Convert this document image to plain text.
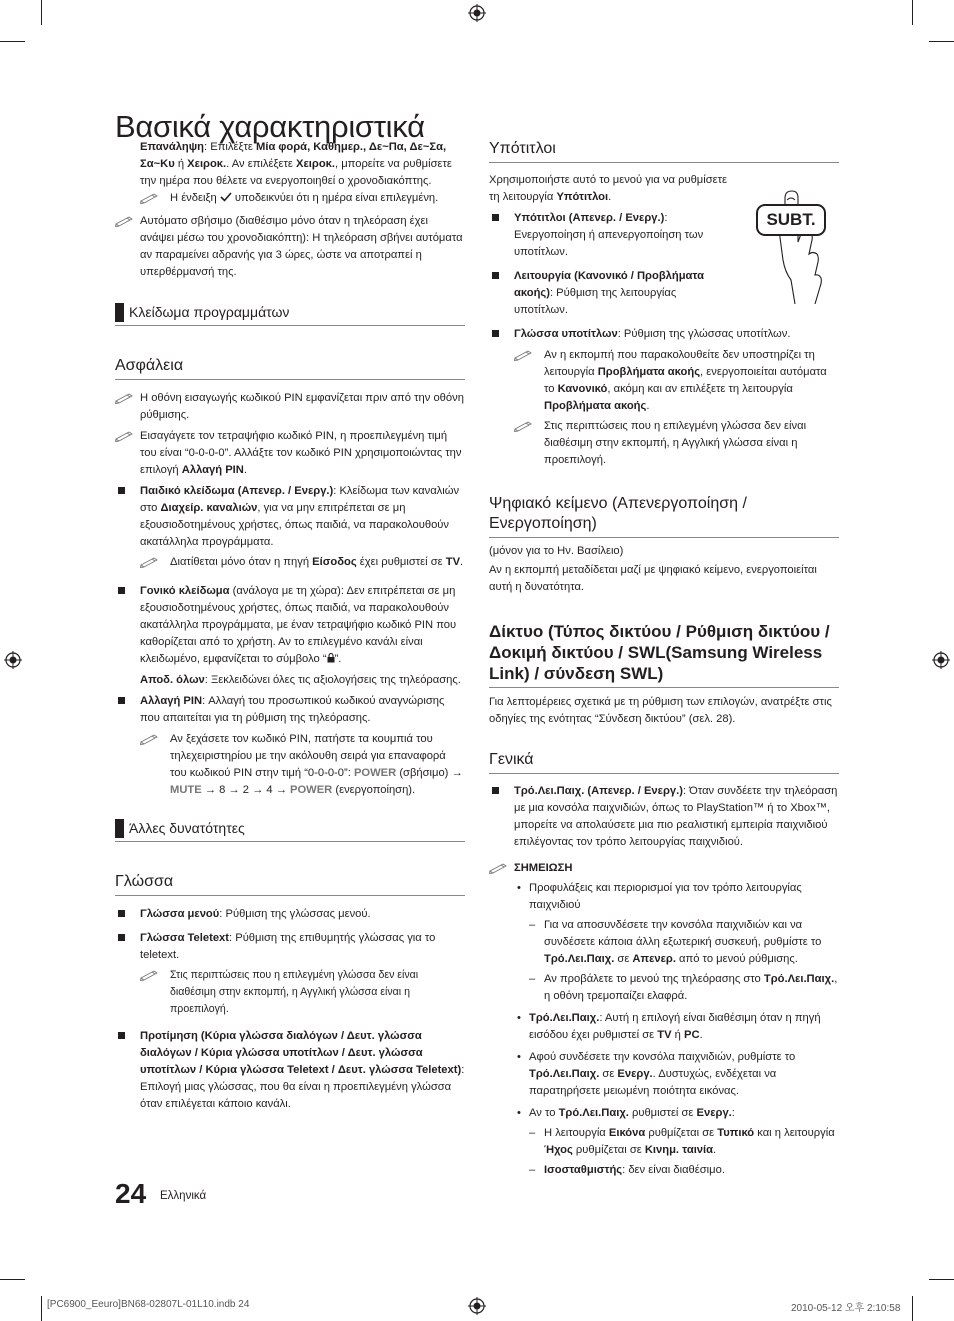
Βασικά χαρακτηριστικά

Επανάληψη: Επιλέξτε Μία φορά, Καθημερ., Δε~Πα, Δε~Σα, Σα~Κυ ή Χειροκ.. Αν επιλέξετε Χειροκ., μπορείτε να ρυθμίσετε την ημέρα που θέλετε να ενεργοποιηθεί ο χρονοδιακόπτης.

Η ένδειξη  υποδεικνύει ότι η ημέρα είναι επιλεγμένη.

Αυτόματο σβήσιμο (διαθέσιμο μόνο όταν η τηλεόραση έχει ανάψει μέσω του χρονοδιακόπτη): Η τηλεόραση σβήνει αυτόματα αν παραμείνει αδρανής για 3 ώρες, ώστε να αποτραπεί η υπερθέρμανσή της.

Κλείδωμα προγραμμάτων
Ασφάλεια

Η οθόνη εισαγωγής κωδικού PIN εμφανίζεται πριν από την οθόνη ρύθμισης.

Εισαγάγετε τον τετραψήφιο κωδικό PIN, η προεπιλεγμένη τιμή του είναι “0-0-0-0”. Αλλάξτε τον κωδικό PIN χρησιμοποιώντας την επιλογή Αλλαγή PIN.

Παιδικό κλείδωμα (Απενερ. / Ενεργ.): Κλείδωμα των καναλιών στο Διαχείρ. καναλιών, για να μην επιτρέπεται σε μη εξουσιοδοτημένους χρήστες, όπως παιδιά, να παρακολουθούν ακατάλληλα προγράμματα.

Διατίθεται μόνο όταν η πηγή Είσοδος έχει ρυθμιστεί σε TV.

Γονικό κλείδωμα (ανάλογα με τη χώρα): Δεν επιτρέπεται σε μη εξουσιοδοτημένους χρήστες, όπως παιδιά, να παρακολουθούν ακατάλληλα προγράμματα, με έναν τετραψήφιο κωδικό PIN που καθορίζεται από το χρήστη. Αν το επιλεγμένο κανάλι είναι κλειδωμένο, εμφανίζεται το σύμβολο “ ”.

Αποδ. όλων: Ξεκλειδώνει όλες τις αξιολογήσεις της τηλεόρασης.

Αλλαγή PIN: Αλλαγή του προσωπικού κωδικού αναγνώρισης που απαιτείται για τη ρύθμιση της τηλεόρασης.

Αν ξεχάσετε τον κωδικό PIN, πατήστε τα κουμπιά του τηλεχειριστηρίου με την ακόλουθη σειρά για επαναφορά του κωδικού PIN στην τιμή “0-0-0-0”: POWER (σβήσιμο) → MUTE → 8 → 2 → 4 → POWER (ενεργοποίηση).

Άλλες δυνατότητες
Γλώσσα

Γλώσσα μενού: Ρύθμιση της γλώσσας μενού.

Γλώσσα Teletext: Ρύθμιση της επιθυμητής γλώσσας για το teletext.

Στις περιπτώσεις που η επιλεγμένη γλώσσα δεν είναι διαθέσιμη στην εκπομπή, η Αγγλική γλώσσα είναι η προεπιλογή.

Προτίμηση (Κύρια γλώσσα διαλόγων / Δευτ. γλώσσα διαλόγων / Κύρια γλώσσα υποτίτλων / Δευτ. γλώσσα υποτίτλων / Κύρια γλώσσα Teletext / Δευτ. γλώσσα Teletext): Επιλογή μιας γλώσσας, που θα είναι η προεπιλεγμένη γλώσσα όταν επιλέγεται κάποιο κανάλι.

Υπότιτλοι
SUBT.

Χρησιμοποιήστε αυτό το μενού για να ρυθμίσετε τη λειτουργία Υπότιτλοι.

Υπότιτλοι (Απενερ. / Ενεργ.): Ενεργοποίηση ή απενεργοποίηση των υποτίτλων.

Λειτουργία (Κανονικό / Προβλήματα ακοής): Ρύθμιση της λειτουργίας υποτίτλων.

Γλώσσα υποτίτλων: Ρύθμιση της γλώσσας υποτίτλων.

Αν η εκπομπή που παρακολουθείτε δεν υποστηρίζει τη λειτουργία Προβλήματα ακοής, ενεργοποιείται αυτόματα το Κανονικό, ακόμη και αν επιλέξετε τη λειτουργία Προβλήματα ακοής.

Στις περιπτώσεις που η επιλεγμένη γλώσσα δεν είναι διαθέσιμη στην εκπομπή, η Αγγλική γλώσσα είναι η προεπιλογή.

Ψηφιακό κείμενο (Απενεργοποίηση / Ενεργοποίηση)

(μόνον για το Ην. Βασίλειο)

Αν η εκπομπή μεταδίδεται μαζί με ψηφιακό κείμενο, ενεργοποιείται αυτή η δυνατότητα.

Δίκτυο (Τύπος δικτύου / Ρύθμιση δικτύου / Δοκιμή δικτύου / SWL(Samsung Wireless Link) / σύνδεση SWL)

Για λεπτομέρειες σχετικά με τη ρύθμιση των επιλογών, ανατρέξτε στις οδηγίες της ενότητας “Σύνδεση δικτύου” (σελ. 28).

Γενικά

Τρό.Λει.Παιχ. (Απενερ. / Ενεργ.): Όταν συνδέετε την τηλεόραση με μια κονσόλα παιχνιδιών, όπως το PlayStation™ ή το Xbox™, μπορείτε να απολαύσετε μια πιο ρεαλιστική εμπειρία παιχνιδιού επιλέγοντας τον τρόπο λειτουργίας παιχνιδιού.

ΣΗΜΕΙΩΣΗ

• Προφυλάξεις και περιορισμοί για τον τρόπο λειτουργίας παιχνιδιού

– Για να αποσυνδέσετε την κονσόλα παιχνιδιών και να συνδέσετε κάποια άλλη εξωτερική συσκευή, ρυθμίστε το Τρό.Λει.Παιχ. σε Απενερ. από το μενού ρύθμισης.

– Αν προβάλετε το μενού της τηλεόρασης στο Τρό.Λει.Παιχ., η οθόνη τρεμοπαίζει ελαφρά.

• Τρό.Λει.Παιχ.: Αυτή η επιλογή είναι διαθέσιμη όταν η πηγή εισόδου έχει ρυθμιστεί σε TV ή PC.

• Αφού συνδέσετε την κονσόλα παιχνιδιών, ρυθμίστε το Τρό.Λει.Παιχ. σε Ενεργ.. Δυστυχώς, ενδέχεται να παρατηρήσετε μειωμένη ποιότητα εικόνας.

• Αν το Τρό.Λει.Παιχ. ρυθμιστεί σε Ενεργ.:

– Η λειτουργία Εικόνα ρυθμίζεται σε Τυπικό και η λειτουργία Ήχος ρυθμίζεται σε Κινημ. ταινία.

– Ισοσταθμιστής: δεν είναι διαθέσιμο.

24 Ελληνικά
[PC6900_Eeuro]BN68-02807L-01L10.indb 24	2010-05-12 오후 2:10:58
